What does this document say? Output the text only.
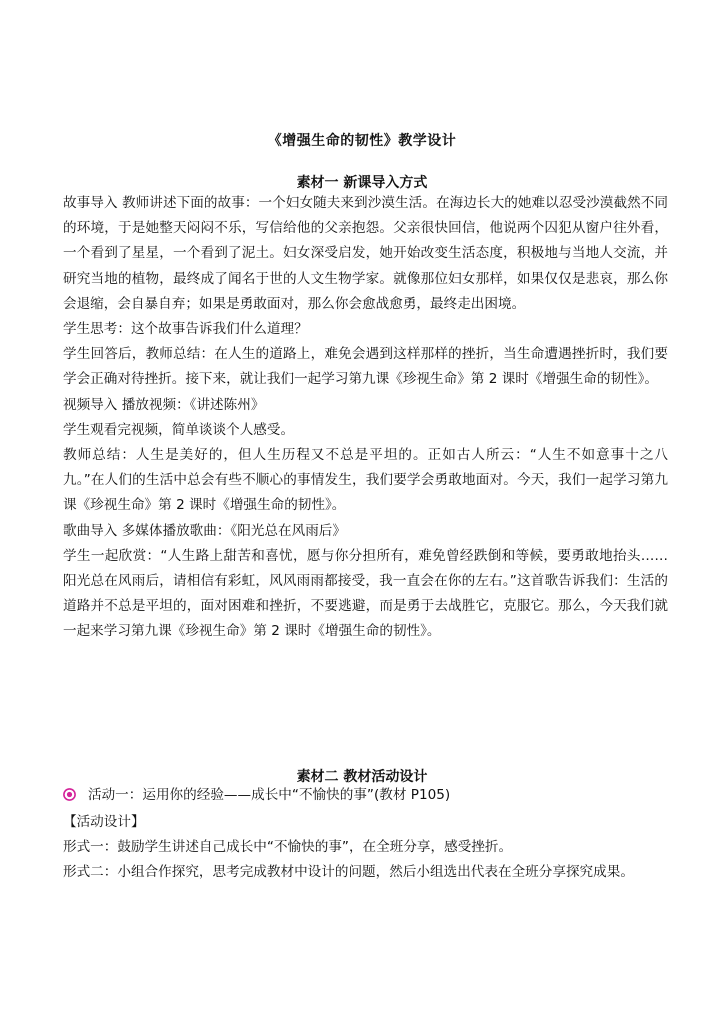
《增强生命的韧性》教学设计
素材一 新课导入方式

故事导入 教师讲述下面的故事：一个妇女随夫来到沙漠生活。在海边长大的她难以忍受沙漠截然不同的环境，于是她整天闷闷不乐，写信给他的父亲抱怨。父亲很快回信，他说两个囚犯从窗户往外看，一个看到了星星，一个看到了泥土。妇女深受启发，她开始改变生活态度，积极地与当地人交流，并研究当地的植物，最终成了闻名于世的人文生物学家。就像那位妇女那样，如果仅仅是悲哀，那么你会退缩，会自暴自弃；如果是勇敢面对，那么你会愈战愈勇，最终走出困境。

学生思考：这个故事告诉我们什么道理？

学生回答后，教师总结：在人生的道路上，难免会遇到这样那样的挫折，当生命遭遇挫折时，我们要学会正确对待挫折。接下来，就让我们一起学习第九课《珍视生命》第 2 课时《增强生命的韧性》。

视频导入 播放视频：《讲述陈州》

学生观看完视频，简单谈谈个人感受。

教师总结：人生是美好的，但人生历程又不总是平坦的。正如古人所云：“人生不如意事十之八九。”在人们的生活中总会有些不顺心的事情发生，我们要学会勇敢地面对。今天，我们一起学习第九课《珍视生命》第 2 课时《增强生命的韧性》。

歌曲导入 多媒体播放歌曲：《阳光总在风雨后》

学生一起欣赏：“人生路上甜苦和喜忧，愿与你分担所有，难免曾经跌倒和等候，要勇敢地抬头……阳光总在风雨后，请相信有彩虹，风风雨雨都接受，我一直会在你的左右。”这首歌告诉我们：生活的道路并不总是平坦的，面对困难和挫折，不要逃避，而是勇于去战胜它，克服它。那么，今天我们就一起来学习第九课《珍视生命》第 2 课时《增强生命的韧性》。

素材二 教材活动设计
活动一：运用你的经验——成长中“不愉快的事”(教材 P105)

【活动设计】

形式一：鼓励学生讲述自己成长中“不愉快的事”，在全班分享，感受挫折。

形式二：小组合作探究，思考完成教材中设计的问题，然后小组选出代表在全班分享探究成果。
